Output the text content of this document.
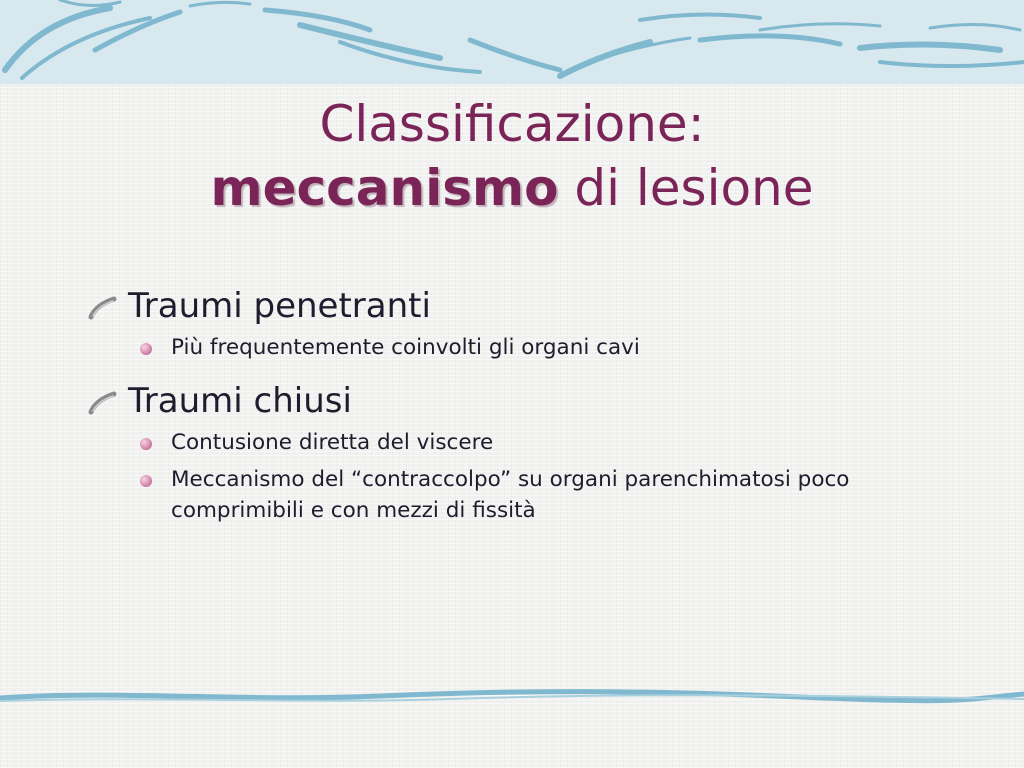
Classificazione:
meccanismo di lesione

Traumi penetranti

Più frequentemente coinvolti gli organi cavi

Traumi chiusi

Contusione diretta del viscere

Meccanismo del “contraccolpo” su organi parenchimatosi poco comprimibili e con mezzi di fissità
